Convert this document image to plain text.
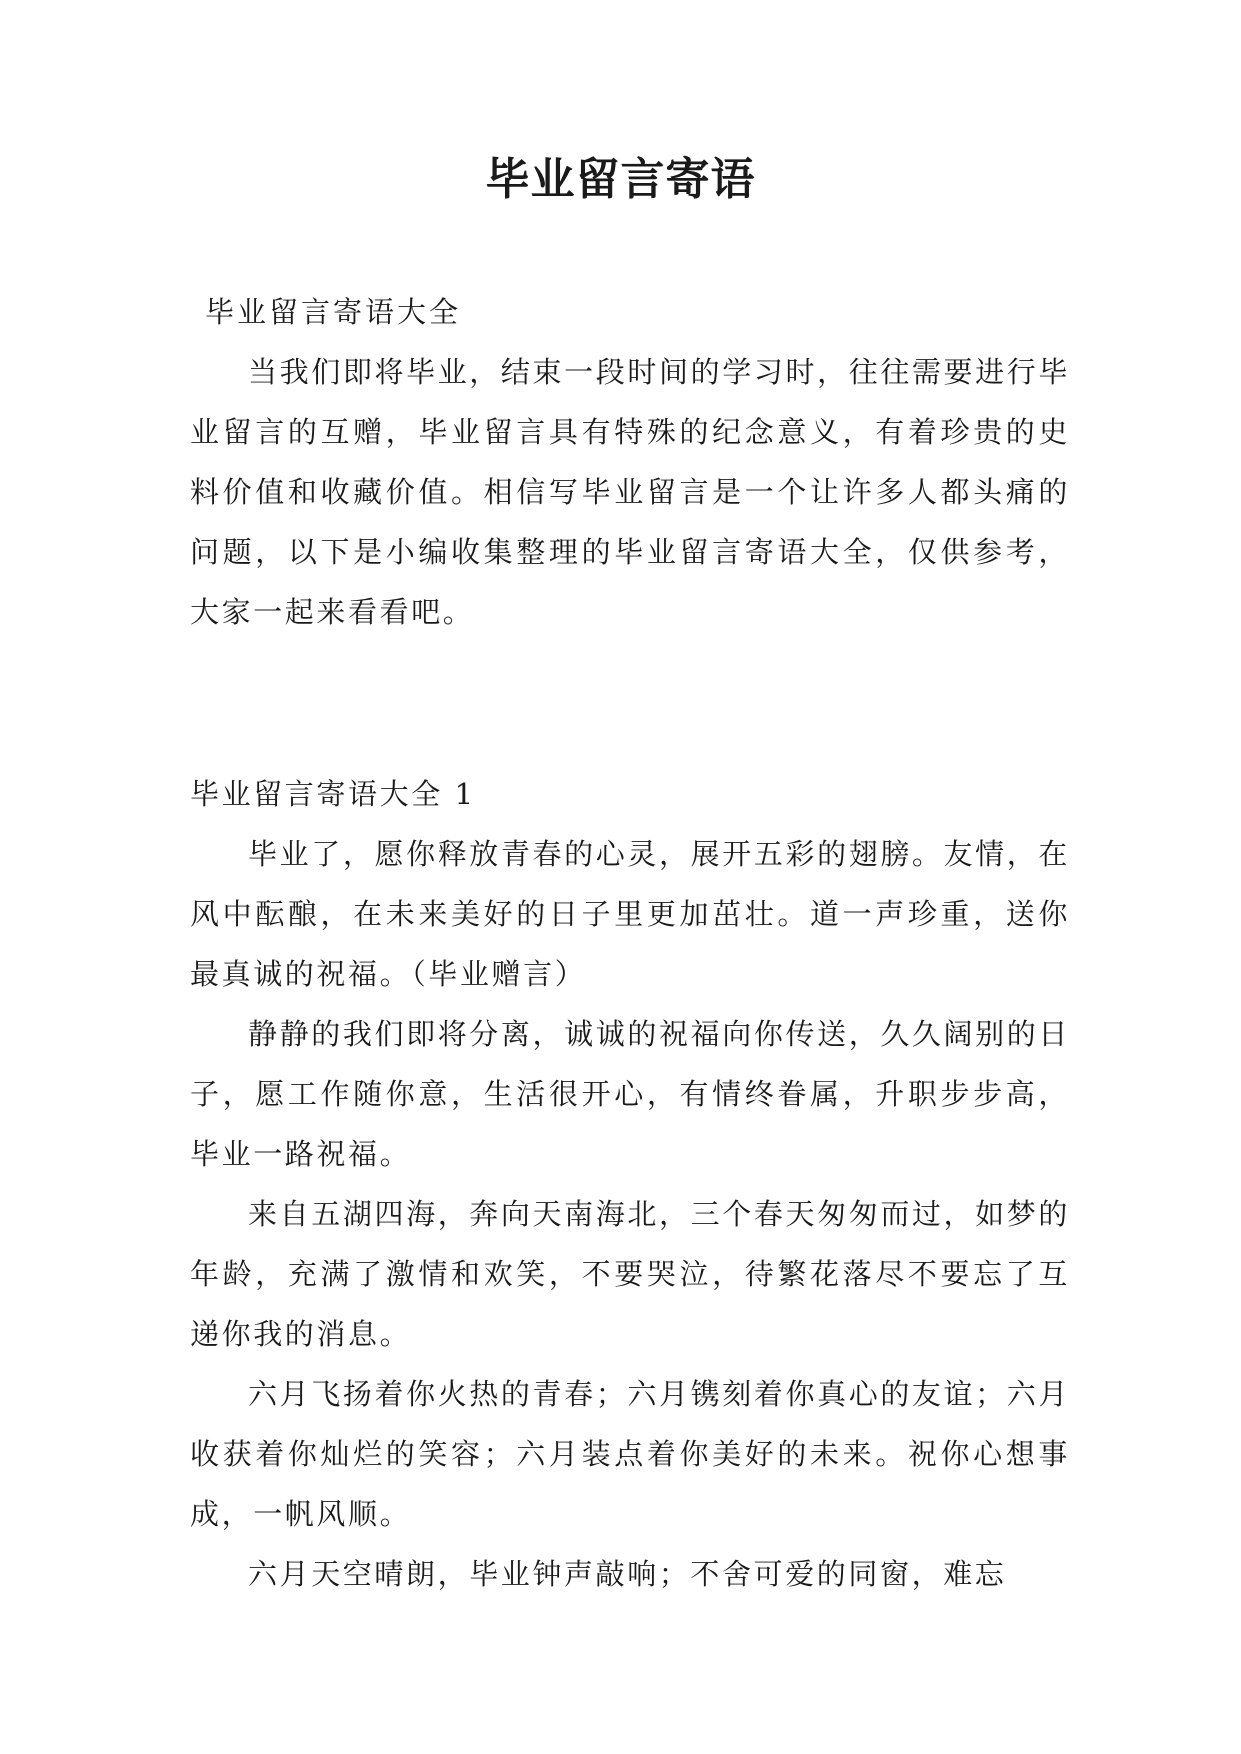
毕业留言寄语
毕业留言寄语大全

当我们即将毕业，结束一段时间的学习时，往往需要进行毕业留言的互赠，毕业留言具有特殊的纪念意义，有着珍贵的史料价值和收藏价值。相信写毕业留言是一个让许多人都头痛的问题，以下是小编收集整理的毕业留言寄语大全，仅供参考，大家一起来看看吧。

毕业留言寄语大全 1

毕业了，愿你释放青春的心灵，展开五彩的翅膀。友情，在风中酝酿，在未来美好的日子里更加茁壮。道一声珍重，送你最真诚的祝福。（毕业赠言）

静静的我们即将分离，诚诚的祝福向你传送，久久阔别的日子，愿工作随你意，生活很开心，有情终眷属，升职步步高，毕业一路祝福。

来自五湖四海，奔向天南海北，三个春天匆匆而过，如梦的年龄，充满了激情和欢笑，不要哭泣，待繁花落尽不要忘了互递你我的消息。

六月飞扬着你火热的青春；六月镌刻着你真心的友谊；六月收获着你灿烂的笑容；六月装点着你美好的未来。祝你心想事成，一帆风顺。

六月天空晴朗，毕业钟声敲响；不舍可爱的同窗，难忘
